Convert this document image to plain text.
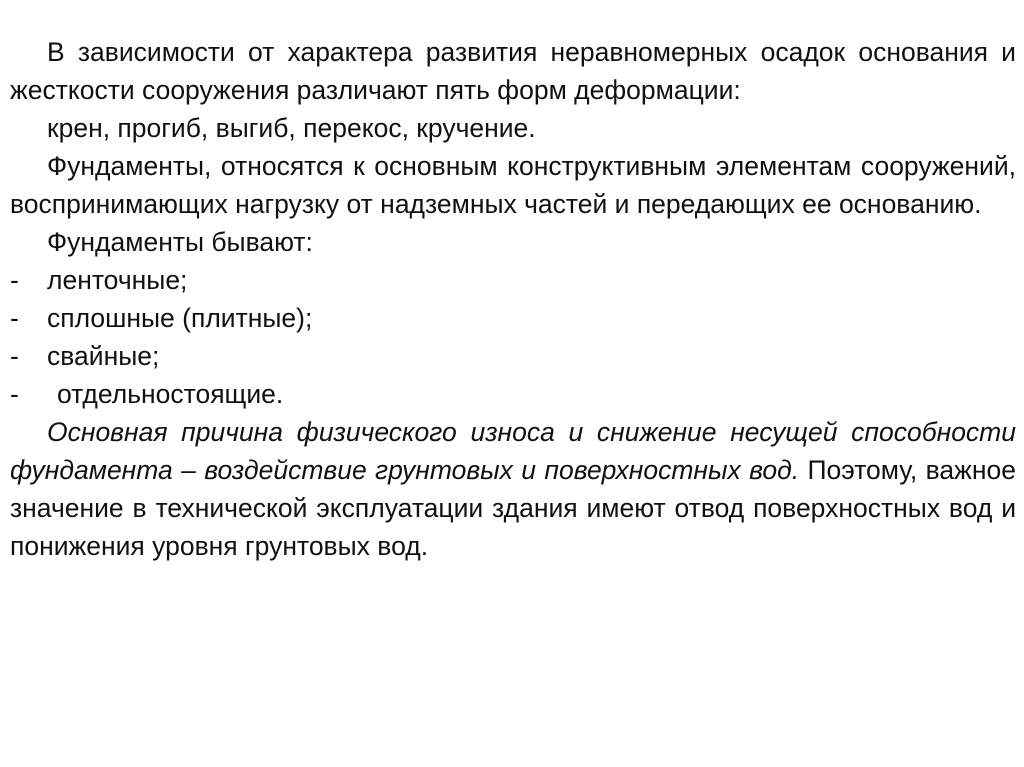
В зависимости от характера развития неравномерных осадок основания и жесткости сооружения различают пять форм деформации:

крен, прогиб, выгиб, перекос, кручение.

Фундаменты, относятся к основным конструктивным элементам сооружений, воспринимающих нагрузку от надземных частей и передающих ее основанию.

Фундаменты бывают:

- ленточные;

- сплошные (плитные);

- свайные;

- отдельностоящие.

Основная причина физического износа и снижение несущей способности фундамента – воздействие грунтовых и поверхностных вод. Поэтому, важное значение в технической эксплуатации здания имеют отвод поверхностных вод и понижения уровня грунтовых вод.
